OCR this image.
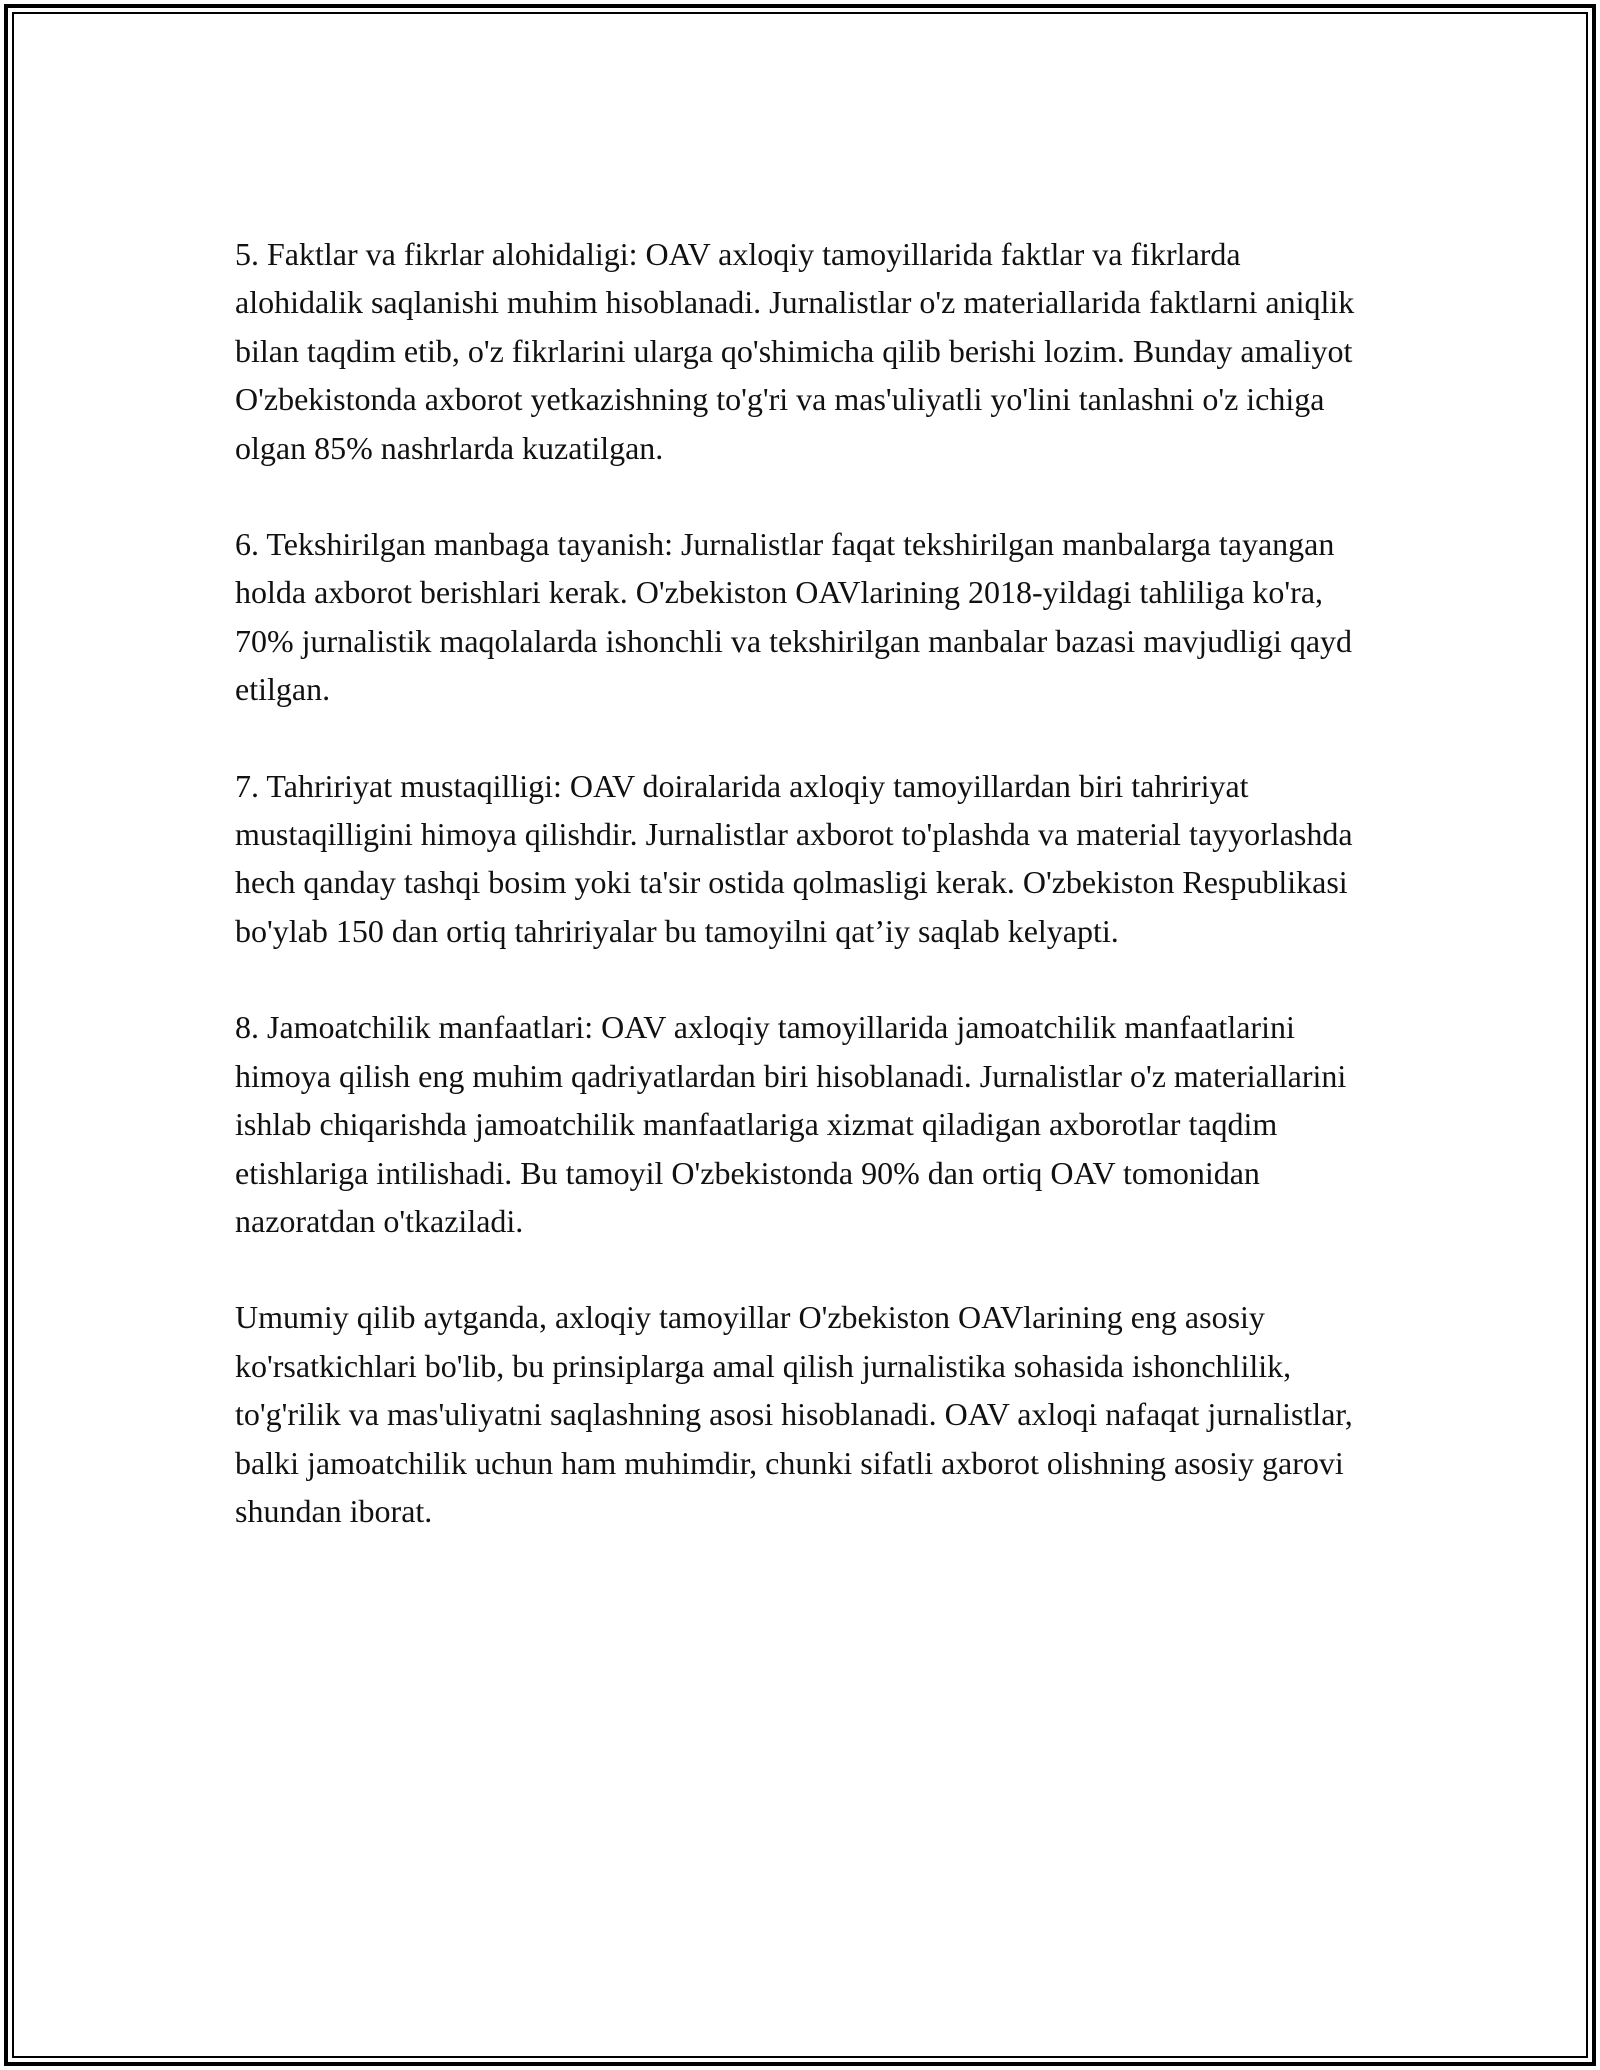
5. Faktlar va fikrlar alohidaligi: OAV axloqiy tamoyillarida faktlar va fikrlarda alohidalik saqlanishi muhim hisoblanadi. Jurnalistlar o'z materiallarida faktlarni aniqlik bilan taqdim etib, o'z fikrlarini ularga qo'shimicha qilib berishi lozim. Bunday amaliyot O'zbekistonda axborot yetkazishning to'g'ri va mas'uliyatli yo'lini tanlashni o'z ichiga olgan 85% nashrlarda kuzatilgan.

6. Tekshirilgan manbaga tayanish: Jurnalistlar faqat tekshirilgan manbalarga tayangan holda axborot berishlari kerak. O'zbekiston OAVlarining 2018-yildagi tahliliga ko'ra, 70% jurnalistik maqolalarda ishonchli va tekshirilgan manbalar bazasi mavjudligi qayd etilgan.

7. Tahririyat mustaqilligi: OAV doiralarida axloqiy tamoyillardan biri tahririyat mustaqilligini himoya qilishdir. Jurnalistlar axborot to'plashda va material tayyorlashda hech qanday tashqi bosim yoki ta'sir ostida qolmasligi kerak. O'zbekiston Respublikasi bo'ylab 150 dan ortiq tahririyalar bu tamoyilni qat’iy saqlab kelyapti.

8. Jamoatchilik manfaatlari: OAV axloqiy tamoyillarida jamoatchilik manfaatlarini himoya qilish eng muhim qadriyatlardan biri hisoblanadi. Jurnalistlar o'z materiallarini ishlab chiqarishda jamoatchilik manfaatlariga xizmat qiladigan axborotlar taqdim etishlariga intilishadi. Bu tamoyil O'zbekistonda 90% dan ortiq OAV tomonidan nazoratdan o'tkaziladi.

Umumiy qilib aytganda, axloqiy tamoyillar O'zbekiston OAVlarining eng asosiy ko'rsatkichlari bo'lib, bu prinsiplarga amal qilish jurnalistika sohasida ishonchlilik, to'g'rilik va mas'uliyatni saqlashning asosi hisoblanadi. OAV axloqi nafaqat jurnalistlar, balki jamoatchilik uchun ham muhimdir, chunki sifatli axborot olishning asosiy garovi shundan iborat.
